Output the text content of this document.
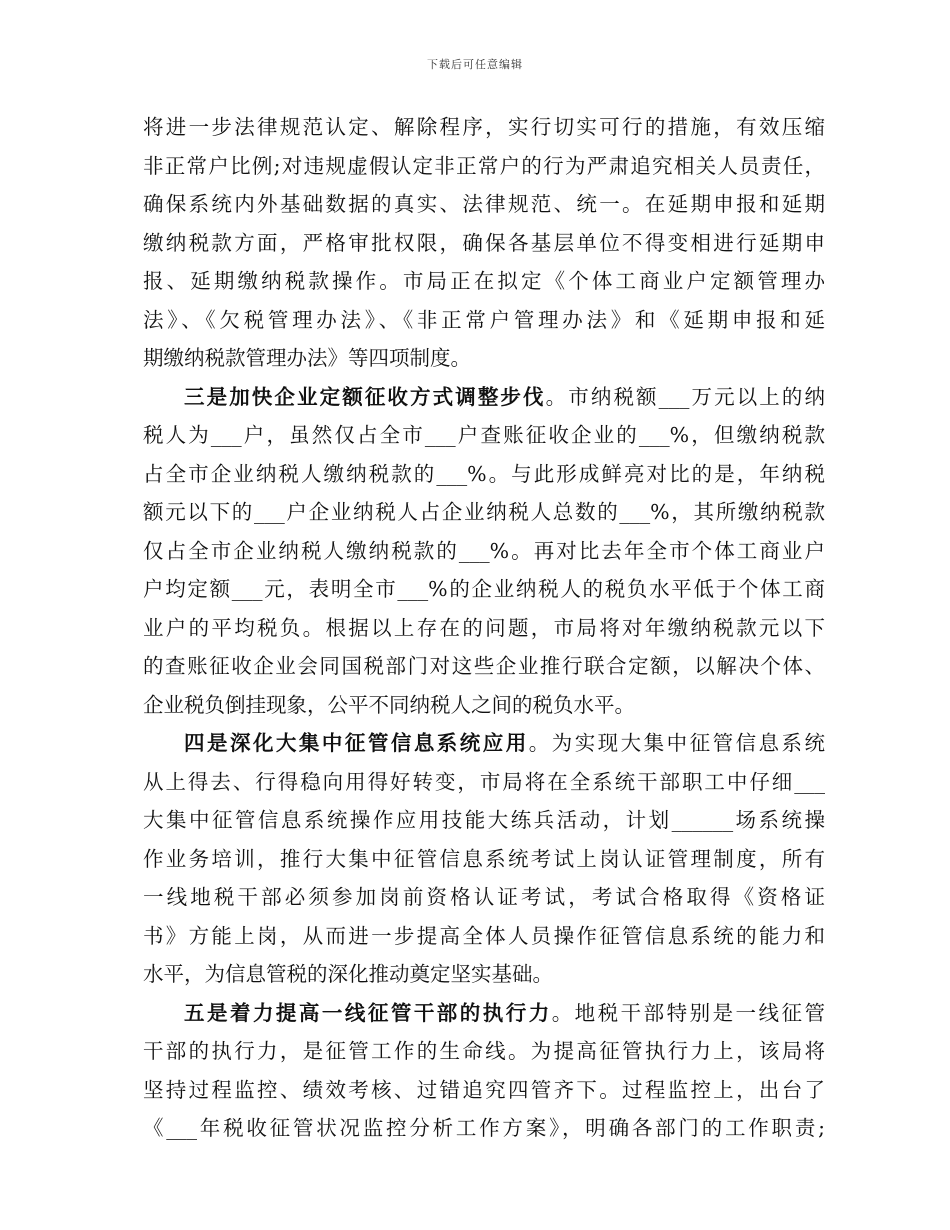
下载后可任意编辑
将进一步法律规范认定、解除程序，实行切实可行的措施，有效压缩
非正常户比例;对违规虚假认定非正常户的行为严肃追究相关人员责任，
确保系统内外基础数据的真实、法律规范、统一。在延期申报和延期
缴纳税款方面，严格审批权限，确保各基层单位不得变相进行延期申
报、延期缴纳税款操作。市局正在拟定《个体工商业户定额管理办
法》、《欠税管理办法》、《非正常户管理办法》和《延期申报和延
期缴纳税款管理办法》等四项制度。
三是加快企业定额征收方式调整步伐。市纳税额___万元以上的纳
税人为___户，虽然仅占全市___户查账征收企业的___%，但缴纳税款
占全市企业纳税人缴纳税款的___%。与此形成鲜亮对比的是，年纳税
额元以下的___户企业纳税人占企业纳税人总数的___%，其所缴纳税款
仅占全市企业纳税人缴纳税款的___%。再对比去年全市个体工商业户
户均定额___元，表明全市___%的企业纳税人的税负水平低于个体工商
业户的平均税负。根据以上存在的问题，市局将对年缴纳税款元以下
的查账征收企业会同国税部门对这些企业推行联合定额，以解决个体、
企业税负倒挂现象，公平不同纳税人之间的税负水平。
四是深化大集中征管信息系统应用。为实现大集中征管信息系统
从上得去、行得稳向用得好转变，市局将在全系统干部职工中仔细___
大集中征管信息系统操作应用技能大练兵活动，计划______场系统操
作业务培训，推行大集中征管信息系统考试上岗认证管理制度，所有
一线地税干部必须参加岗前资格认证考试，考试合格取得《资格证
书》方能上岗，从而进一步提高全体人员操作征管信息系统的能力和
水平，为信息管税的深化推动奠定坚实基础。
五是着力提高一线征管干部的执行力。地税干部特别是一线征管
干部的执行力，是征管工作的生命线。为提高征管执行力上，该局将
坚持过程监控、绩效考核、过错追究四管齐下。过程监控上，出台了
《___年税收征管状况监控分析工作方案》，明确各部门的工作职责;
